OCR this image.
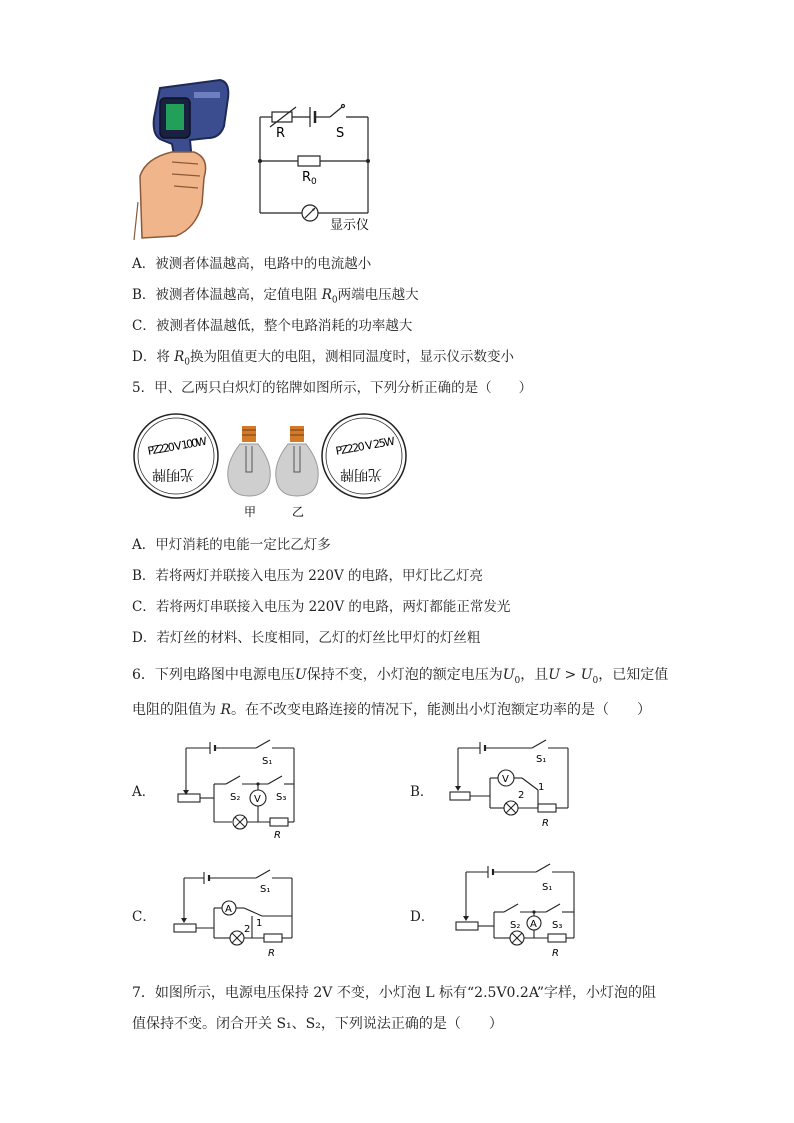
R	S
$R_0$
显示仪
A．被测者体温越高，电路中的电流越小
B．被测者体温越高，定值电阻 $R_0$两端电压越大
C．被测者体温越低，整个电路消耗的功率越大
D．将 $R_0$换为阻值更大的电阻，测相同温度时，显示仪示数变小
5．甲、乙两只白炽灯的铭牌如图所示，下列分析正确的是（　　）
PZ220 V 100W
光明牌
PZ220 V 25W
光明牌
甲	乙
A．甲灯消耗的电能一定比乙灯多
B．若将两灯并联接入电压为 220V 的电路，甲灯比乙灯亮
C．若将两灯串联接入电压为 220V 的电路，两灯都能正常发光
D．若灯丝的材料、长度相同，乙灯的灯丝比甲灯的灯丝粗
6．下列电路图中电源电压U保持不变，小灯泡的额定电压为$U_0$，且$U > U_0$，已知定值
电阻的阻值为 R。在不改变电路连接的情况下，能测出小灯泡额定功率的是（　　）
A．	B．
C．	D．
S₁
S₂ V S₃
R
S₁
V
1
2
R
S₁
A
1
2
R
S₁
S₂ A S₃
R
7．如图所示，电源电压保持 2V 不变，小灯泡 L 标有“2.5V0.2A”字样，小灯泡的阻
值保持不变。闭合开关 S₁、S₂，下列说法正确的是（　　）
